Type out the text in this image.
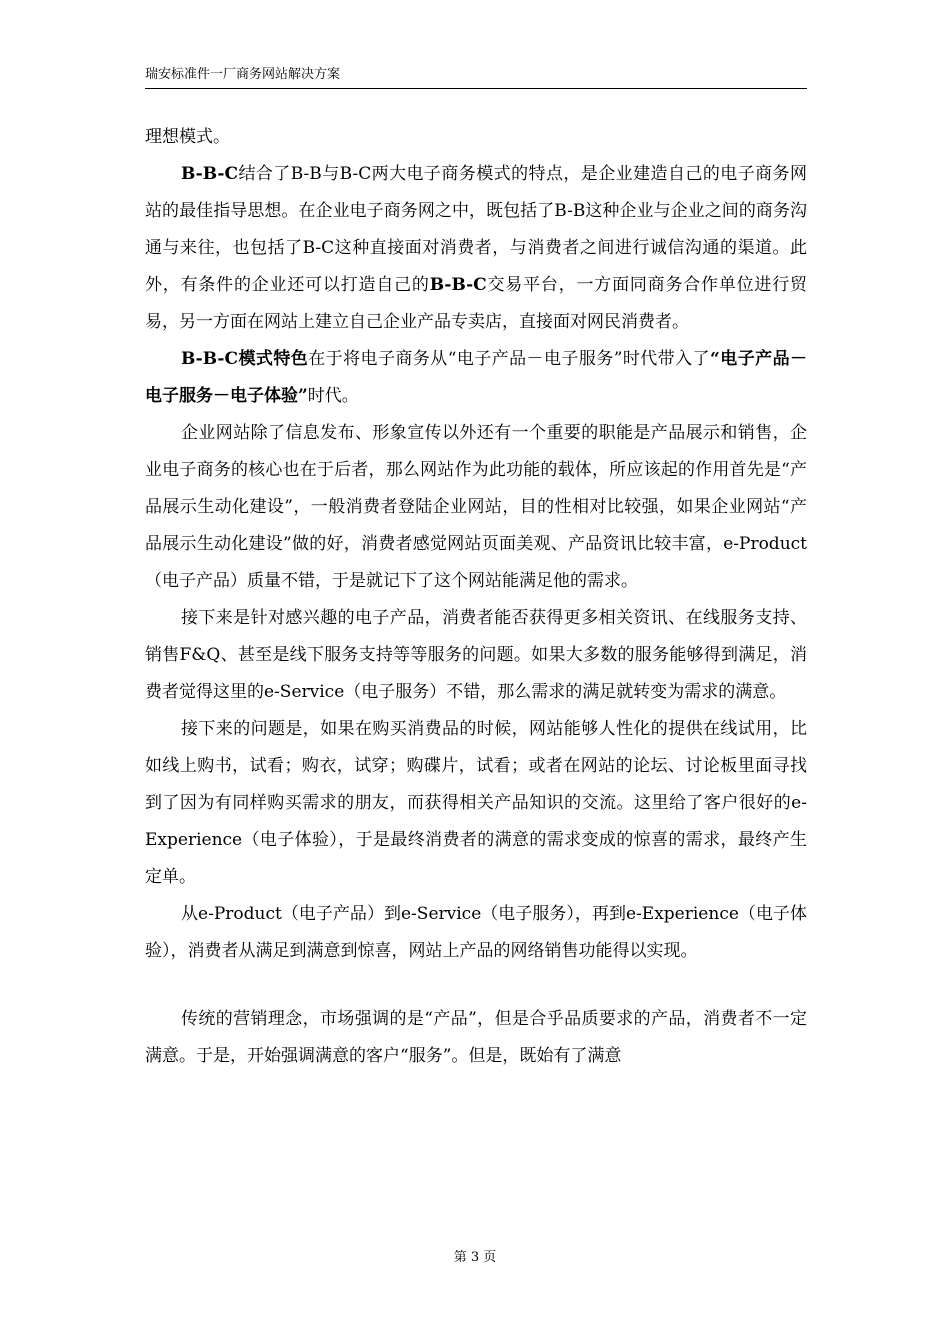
瑞安标准件一厂商务网站解决方案

理想模式。

B-B-C结合了B-B与B-C两大电子商务模式的特点，是企业建造自己的电子商务网站的最佳指导思想。在企业电子商务网之中，既包括了B-B这种企业与企业之间的商务沟通与来往，也包括了B-C这种直接面对消费者，与消费者之间进行诚信沟通的渠道。此外，有条件的企业还可以打造自己的B-B-C交易平台，一方面同商务合作单位进行贸易，另一方面在网站上建立自己企业产品专卖店，直接面对网民消费者。

B-B-C模式特色在于将电子商务从“电子产品－电子服务”时代带入了“电子产品－电子服务－电子体验”时代。

企业网站除了信息发布、形象宣传以外还有一个重要的职能是产品展示和销售，企业电子商务的核心也在于后者，那么网站作为此功能的载体，所应该起的作用首先是“产品展示生动化建设”，一般消费者登陆企业网站，目的性相对比较强，如果企业网站“产品展示生动化建设”做的好，消费者感觉网站页面美观、产品资讯比较丰富，e-Product（电子产品）质量不错，于是就记下了这个网站能满足他的需求。

接下来是针对感兴趣的电子产品，消费者能否获得更多相关资讯、在线服务支持、销售F&Q、甚至是线下服务支持等等服务的问题。如果大多数的服务能够得到满足，消费者觉得这里的e-Service（电子服务）不错，那么需求的满足就转变为需求的满意。

接下来的问题是，如果在购买消费品的时候，网站能够人性化的提供在线试用，比如线上购书，试看；购衣，试穿；购碟片，试看；或者在网站的论坛、讨论板里面寻找到了因为有同样购买需求的朋友，而获得相关产品知识的交流。这里给了客户很好的e-Experience（电子体验），于是最终消费者的满意的需求变成的惊喜的需求，最终产生定单。

从e-Product（电子产品）到e-Service（电子服务），再到e-Experience（电子体验），消费者从满足到满意到惊喜，网站上产品的网络销售功能得以实现。

传统的营销理念，市场强调的是“产品”，但是合乎品质要求的产品，消费者不一定满意。于是，开始强调满意的客户“服务”。但是，既始有了满意

第 3 页
